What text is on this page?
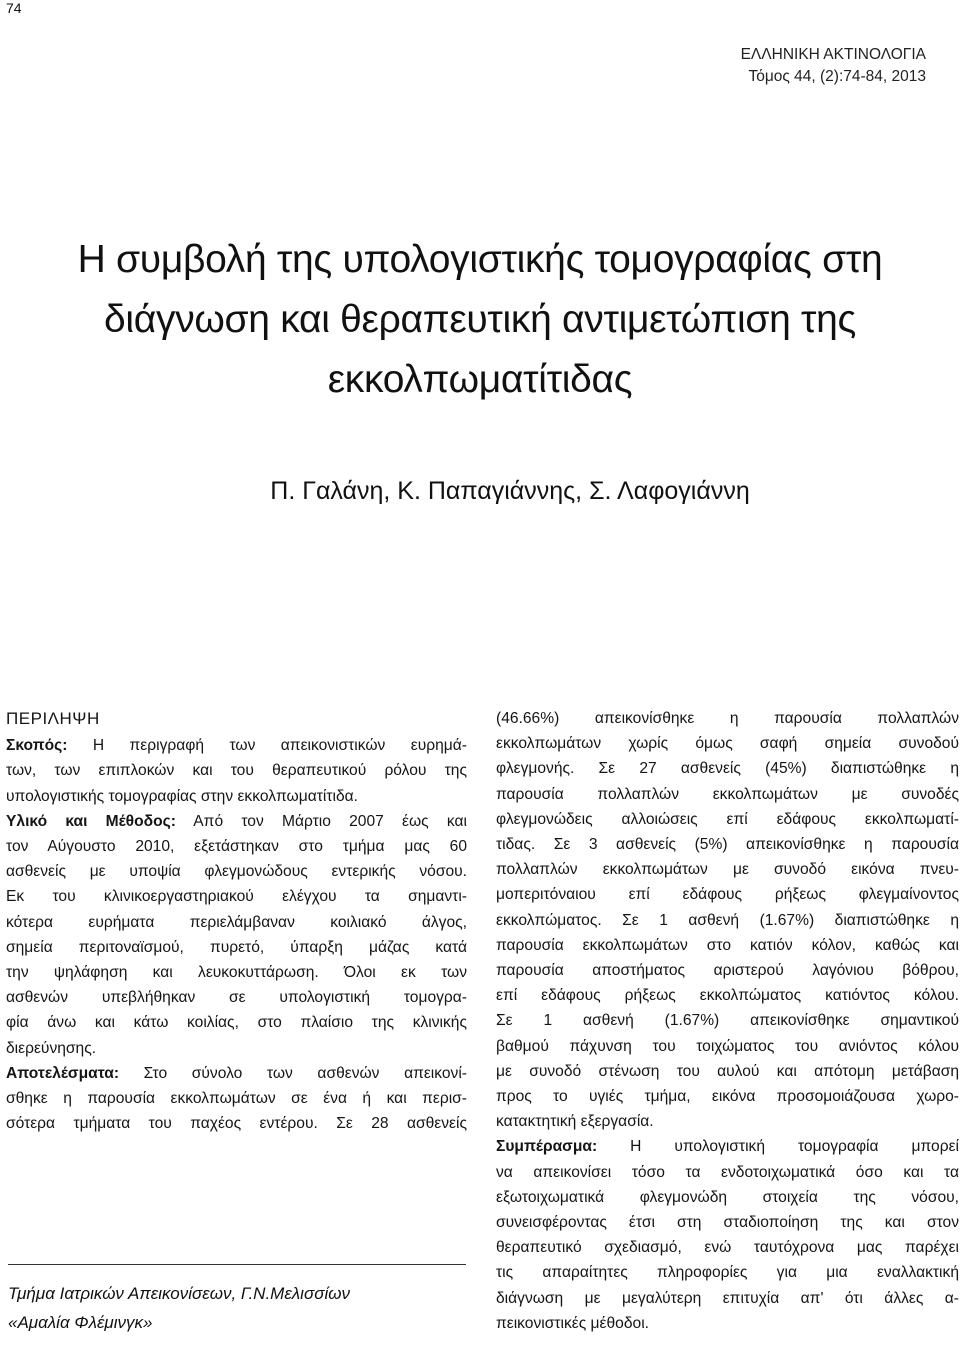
74
ΕΛΛΗΝΙΚΗ ΑΚΤΙΝΟΛΟΓΙΑ
Τόμος 44, (2):74-84, 2013
Η συμβολή της υπολογιστικής τομογραφίας στη
διάγνωση και θεραπευτική αντιμετώπιση της
εκκολπωματίτιδας
Π. Γαλάνη, Κ. Παπαγιάννης, Σ. Λαφογιάννη
ΠΕΡΙΛΗΨΗ
Σκοπός: Η περιγραφή των απεικονιστικών ευρημά-
των, των επιπλοκών και του θεραπευτικού ρόλου της
υπολογιστικής τομογραφίας στην εκκολπωματίτιδα.
Υλικό και Μέθοδος: Από τον Μάρτιο 2007 έως και
τον Αύγουστο 2010, εξετάστηκαν στο τμήμα μας 60
ασθενείς με υποψία φλεγμονώδους εντερικής νόσου.
Εκ του κλινικοεργαστηριακού ελέγχου τα σημαντι-
κότερα ευρήματα περιελάμβαναν κοιλιακό άλγος,
σημεία περιτοναϊσμού, πυρετό, ύπαρξη μάζας κατά
την ψηλάφηση και λευκοκυττάρωση. Όλοι εκ των
ασθενών υπεβλήθηκαν σε υπολογιστική τομογρα-
φία άνω και κάτω κοιλίας, στο πλαίσιο της κλινικής
διερεύνησης.
Αποτελέσματα: Στο σύνολο των ασθενών απεικονί-
σθηκε η παρουσία εκκολπωμάτων σε ένα ή και περισ-
σότερα τμήματα του παχέος εντέρου. Σε 28 ασθενείς
(46.66%) απεικονίσθηκε η παρουσία πολλαπλών
εκκολπωμάτων χωρίς όμως σαφή σημεία συνοδού
φλεγμονής. Σε 27 ασθενείς (45%) διαπιστώθηκε η
παρουσία πολλαπλών εκκολπωμάτων με συνοδές
φλεγμονώδεις αλλοιώσεις επί εδάφους εκκολπωματί-
τιδας. Σε 3 ασθενείς (5%) απεικονίσθηκε η παρουσία
πολλαπλών εκκολπωμάτων με συνοδό εικόνα πνευ-
μοπεριτόναιου επί εδάφους ρήξεως φλεγμαίνοντος
εκκολπώματος. Σε 1 ασθενή (1.67%) διαπιστώθηκε η
παρουσία εκκολπωμάτων στο κατιόν κόλον, καθώς και
παρουσία αποστήματος αριστερού λαγόνιου βόθρου,
επί εδάφους ρήξεως εκκολπώματος κατιόντος κόλου.
Σε 1 ασθενή (1.67%) απεικονίσθηκε σημαντικού
βαθμού πάχυνση του τοιχώματος του ανιόντος κόλου
με συνοδό στένωση του αυλού και απότομη μετάβαση
προς το υγιές τμήμα, εικόνα προσομοιάζουσα χωρο-
κατακτητική εξεργασία.
Συμπέρασμα: Η υπολογιστική τομογραφία μπορεί
να απεικονίσει τόσο τα ενδοτοιχωματικά όσο και τα
εξωτοιχωματικά φλεγμονώδη στοιχεία της νόσου,
συνεισφέροντας έτσι στη σταδιοποίηση της και στον
θεραπευτικό σχεδιασμό, ενώ ταυτόχρονα μας παρέχει
τις απαραίτητες πληροφορίες για μια εναλλακτική
διάγνωση με μεγαλύτερη επιτυχία απ' ότι άλλες α-
πεικονιστικές μέθοδοι.
Τμήμα Ιατρικών Απεικονίσεων, Γ.Ν.Μελισσίων
«Αμαλία Φλέμινγκ»
